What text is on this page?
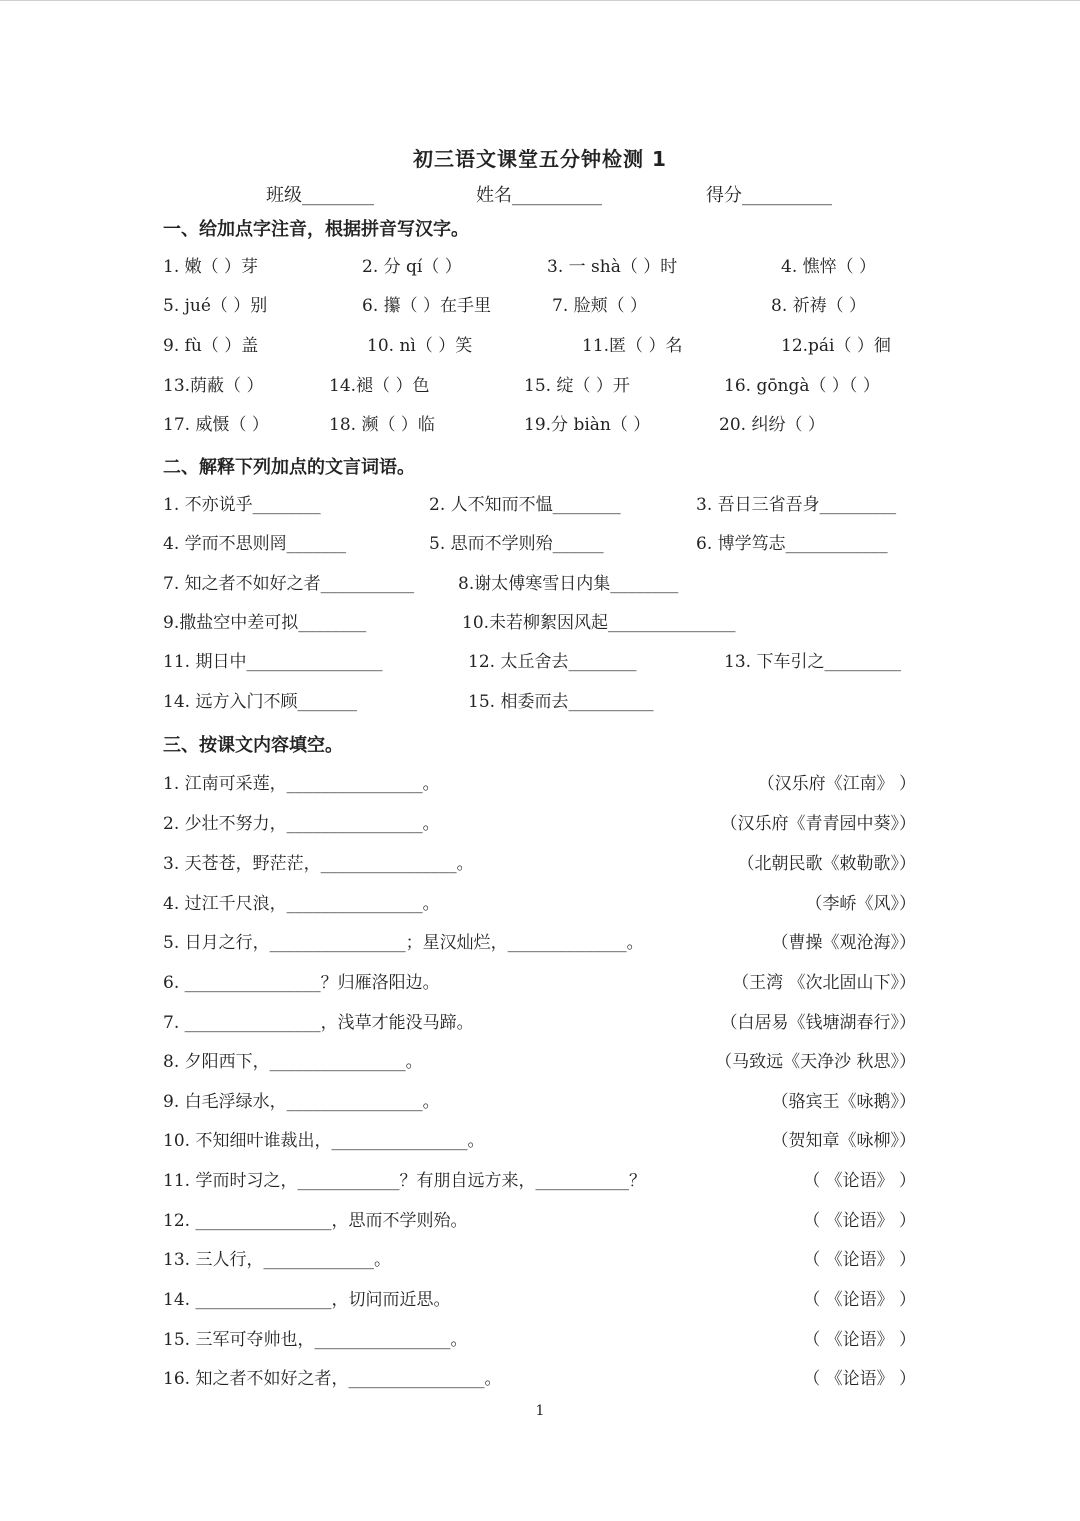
初三语文课堂五分钟检测 1
班级________	姓名__________	得分__________
一、给加点字注音，根据拼音写汉字。
1. 嫩（ ）芽	2. 分 qí（ ）	3. 一 shà（ ）时	4. 憔悴（ ）
5. jué（ ）别	6. 攥（ ）在手里	7. 脸颊（ ）	8. 祈祷（ ）
9. fù（ ）盖	10. nì（ ）笑	11.匿（ ）名	12.pái（ ）徊
13.荫蔽（ ）	14.褪（ ）色	15. 绽（ ）开	16. gōngà（ ）（ ）
17. 威慑（ ）	18. 濒（ ）临	19.分 biàn（ ）	20. 纠纷（ ）
二、解释下列加点的文言词语。
1. 不亦说乎________	2. 人不知而不愠________	3. 吾日三省吾身_________
4. 学而不思则罔_______	5. 思而不学则殆______	6. 博学笃志____________
7. 知之者不如好之者___________	8.谢太傅寒雪日内集________
9.撒盐空中差可拟________	10.未若柳絮因风起_______________
11. 期日中________________	12. 太丘舍去________	13. 下车引之_________
14. 远方入门不顾_______	15. 相委而去__________
三、按课文内容填空。
1. 江南可采莲，________________。	（汉乐府《江南》 ）
2. 少壮不努力，________________。	（汉乐府《青青园中葵》）
3. 天苍苍，野茫茫，________________。	（北朝民歌《敕勒歌》）
4. 过江千尺浪，________________。	（李峤《风》）
5. 日月之行，________________；星汉灿烂，______________。	（曹操《观沧海》）
6. ________________？归雁洛阳边。	（王湾 《次北固山下》）
7. ________________，浅草才能没马蹄。	（白居易《钱塘湖春行》）
8. 夕阳西下，________________。	（马致远《天净沙 秋思》）
9. 白毛浮绿水，________________。	（骆宾王《咏鹅》）
10. 不知细叶谁裁出，________________。	（贺知章《咏柳》）
11. 学而时习之，____________？有朋自远方来，___________？	（ 《论语》 ）
12. ________________，思而不学则殆。	（ 《论语》 ）
13. 三人行，_____________。	（ 《论语》 ）
14. ________________，切问而近思。	（ 《论语》 ）
15. 三军可夺帅也，________________。	（ 《论语》 ）
16. 知之者不如好之者，________________。	（ 《论语》 ）
1
